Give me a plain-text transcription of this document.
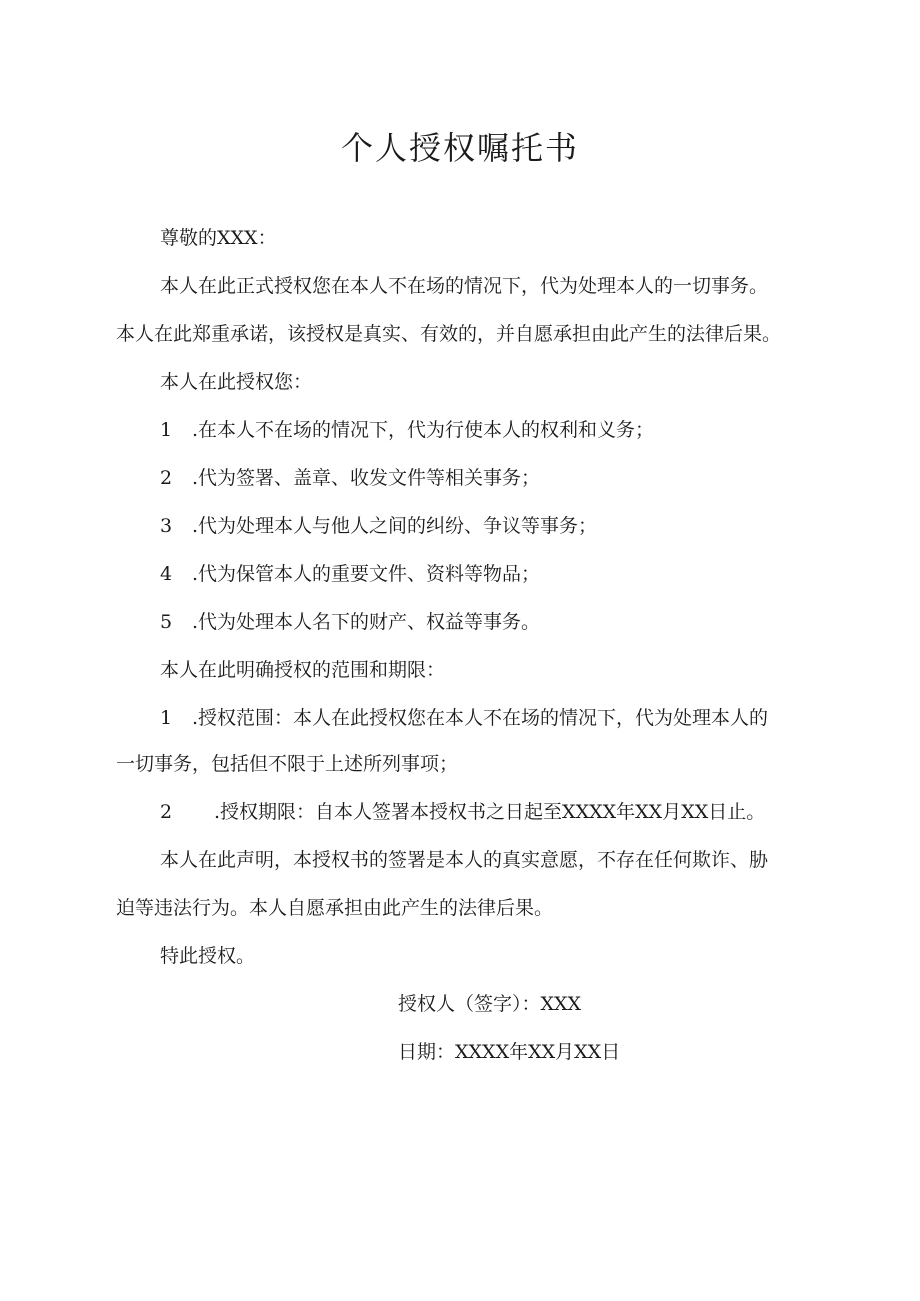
个人授权嘱托书

尊敬的XXX：

本人在此正式授权您在本人不在场的情况下，代为处理本人的一切事务。

本人在此郑重承诺，该授权是真实、有效的，并自愿承担由此产生的法律后果。

本人在此授权您：

1 .在本人不在场的情况下，代为行使本人的权利和义务；

2 .代为签署、盖章、收发文件等相关事务；

3 .代为处理本人与他人之间的纠纷、争议等事务；

4 .代为保管本人的重要文件、资料等物品；

5 .代为处理本人名下的财产、权益等事务。

本人在此明确授权的范围和期限：

1 .授权范围：本人在此授权您在本人不在场的情况下，代为处理本人的

一切事务，包括但不限于上述所列事项；

2 .授权期限：自本人签署本授权书之日起至XXXX年XX月XX日止。

本人在此声明，本授权书的签署是本人的真实意愿，不存在任何欺诈、胁

迫等违法行为。本人自愿承担由此产生的法律后果。

特此授权。

授权人（签字）：XXX

日期：XXXX年XX月XX日
